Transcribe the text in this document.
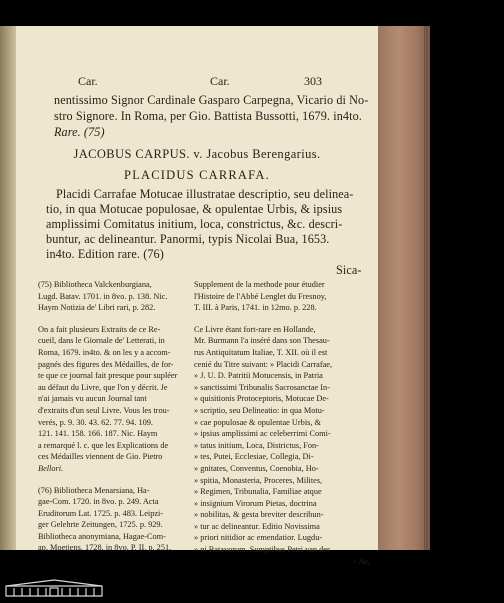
Car.	Car.	303
nentissimo Signor Cardinale Gasparo Carpegna, Vicario di No-
stro Signore. In Roma, per Gio. Battista Bussotti, 1679. in4to.
Rare. (75)
JACOBUS CARPUS. v. Jacobus Berengarius.
PLACIDUS CARRAFA.
Placidi Carrafae Motucae illustratae descriptio, seu delinea-
tio, in qua Motucae populosae, & opulentae Urbis, & ipsius
amplissimi Comitatus initium, loca, constrictus, &c. descri-
buntur, ac delineantur. Panormi, typis Nicolai Bua, 1653.
in4to. Edition rare. (76)
Sica-
(75) Bibliotheca Valckenburgiana,
Lugd. Batav. 1701. in 8vo. p. 138. Nic.
Haym Notizia de' Libri rari, p. 282.
On a fait plusieurs Extraits de ce Re-
cueil, dans le Giornale de' Letterati, in
Roma, 1679. in4to. & on les y a accom-
pagnés des figures des Médailles, de for-
te que ce journal fait presque pour supléer
au défaut du Livre, que l'on y décrit. Je
n'ai jamais vu aucun Journal tant
d'extraits d'un seul Livre. Vous les trou-
verés, p. 9. 30. 43. 62. 77. 94. 109.
121. 141. 158. 166. 187. Nic. Haym
a remarqué l. c. que les Explications de
ces Médailles viennent de Gio. Pietro
Bellori.
(76) Bibliotheca Menarsiana, Ha-
gae-Com. 1720. in 8vo. p. 249. Acta
Eruditorum Lat. 1725. p. 483. Leipzi-
ger Gelehrte Zeitungen, 1725. p. 929.
Bibliotheca anonymiana, Hagae-Com-
ap. Moetjens, 1728. in 8vo. P. II. p. 251.
Supplement de la methode pour étudier
l'Histoire de l'Abbé Lenglet du Fresnoy,
T. III. à Paris, 1741. in 12mo. p. 228.
Ce Livre étant fort-rare en Hollande,
Mr. Burmann l'a inséré dans son Thesau-
rus Antiquitatum Italiae, T. XII. où il est
cenié du Titre suivant: » Placidi Carrafae,
» J. U. D. Patritii Motucensis, in Patria
» sanctissimi Tribunalis Sacrosanctae In-
» quisitionis Protoceptoris, Motucae De-
» scriptio, seu Delineatio: in qua Motu-
» cae populosae & opulentae Urbis, &
» ipsius amplissimi ac celeberrimi Comi-
» tatus initium, Loca, Districtus, Fon-
» tes, Putei, Ecclesiae, Collegia, Di-
» gnitates, Conventus, Coenobia, Ho-
» spitia, Monasteria, Proceres, Milites,
» Regimen, Tribunalia, Familiae atque
» insignium Virorum Pietas, doctrina
» nobilitas, & gesta breviter describun-
» tur ac delineantur. Editio Novissima
» priori nitidior ac emendatior. Lugdu-
» ni Batavorum, Sumptibus Petri van der
» Aa,
